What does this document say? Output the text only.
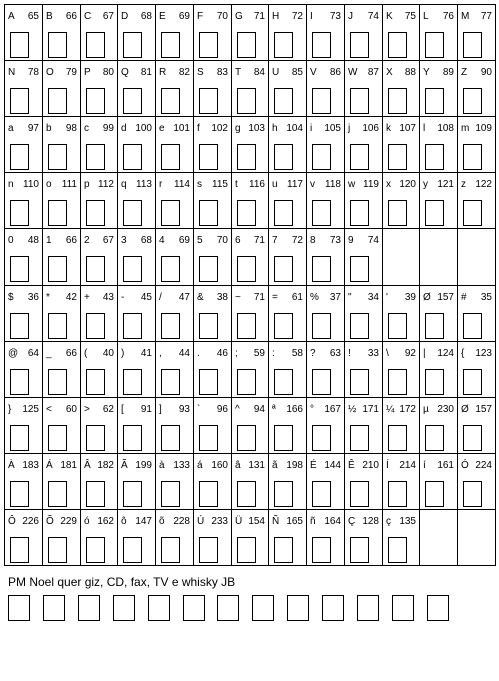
A 65 B 66 C 67 D 68 E 69 F 70 G 71 H 72 I 73 J 74 K 75 L 76 M 77
N 78 O 79 P 80 Q 81 R 82 S 83 T 84 U 85 V 86 W 87 X 88 Y 89 Z 90
a 97 b 98 c 99 d 100 e 101 f 102 g 103 h 104 i 105 j 106 k 107 l 108 m 109
n 110 o 111 p 112 q 113 r 114 s 115 t 116 u 117 v 118 w 119 x 120 y 121 z 122
0 48 1 66 2 67 3 68 4 69 5 70 6 71 7 72 8 73 9 74
$ 36 * 42 + 43 - 45 / 47 & 38 ~ 71 = 61 % 37 " 34 ' 39 Ø 157 # 35
@ 64 _ 66 ( 40 ) 41 , 44 . 46 ; 59 : 58 ? 63 ! 33 \ 92 | 124 { 123
} 125 < 60 > 62 [ 91 ] 93 ` 96 ^ 94 ª 166 ° 167 ½ 171 ¼ 172 µ 230 Ø 157
À 183 Á 181 Â 182 Ã 199 à 133 á 160 â 131 ã 198 É 144 Ê 210 Í 214 í 161 Ó 224
Ô 226 Õ 229 ó 162 ô 147 õ 228 Ú 233 Ü 154 Ñ 165 ñ 164 Ç 128 ç 135
PM Noel quer giz, CD, fax, TV e whisky JB
